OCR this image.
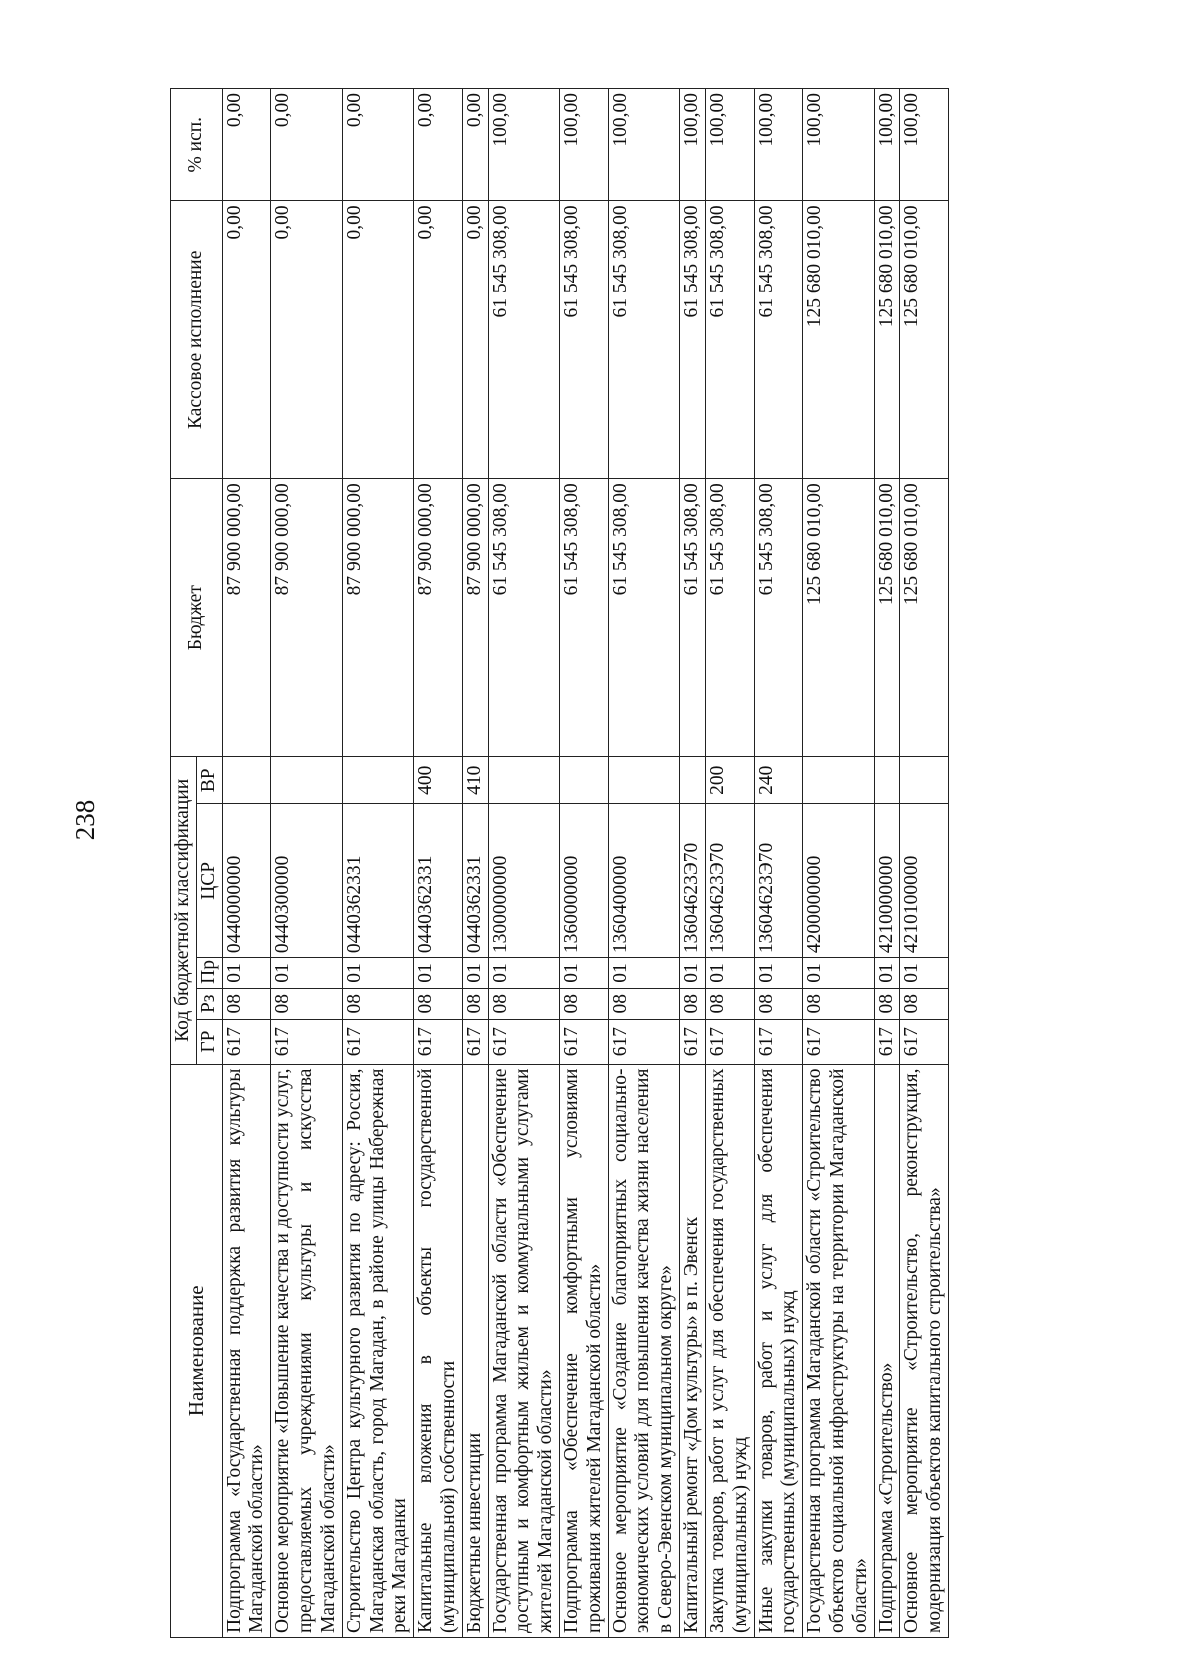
238
Наименование	Код бюджетной классификации					Бюджет	Кассовое исполнение	% исп.
	ГР	Рз	Пр	ЦСР	ВР			
Подпрограмма «Государственная поддержка развития культуры Магаданской области»	617	08	01	0440000000		87 900 000,00	0,00	0,00
Основное мероприятие «Повышение качества и доступности услуг, предоставляемых учреждениями культуры и искусства Магаданской области»	617	08	01	0440300000		87 900 000,00	0,00	0,00
Строительство Центра культурного развития по адресу: Россия, Магаданская область, город Магадан, в районе улицы Набережная реки Магаданки	617	08	01	0440362331		87 900 000,00	0,00	0,00
Капитальные вложения в объекты государственной (муниципальной) собственности	617	08	01	0440362331	400	87 900 000,00	0,00	0,00
Бюджетные инвестиции	617	08	01	0440362331	410	87 900 000,00	0,00	0,00
Государственная программа Магаданской области «Обеспечение доступным и комфортным жильем и коммунальными услугами жителей Магаданской области»	617	08	01	1300000000		61 545 308,00	61 545 308,00	100,00
Подпрограмма «Обеспечение комфортными условиями проживания жителей Магаданской области»	617	08	01	1360000000		61 545 308,00	61 545 308,00	100,00
Основное мероприятие «Создание благоприятных социально-экономических условий для повышения качества жизни населения в Северо-Эвенском муниципальном округе»	617	08	01	1360400000		61 545 308,00	61 545 308,00	100,00
Капитальный ремонт «Дом культуры» в п. Эвенск	617	08	01	13604623Э70		61 545 308,00	61 545 308,00	100,00
Закупка товаров, работ и услуг для обеспечения государственных (муниципальных) нужд	617	08	01	13604623Э70	200	61 545 308,00	61 545 308,00	100,00
Иные закупки товаров, работ и услуг для обеспечения государственных (муниципальных) нужд	617	08	01	13604623Э70	240	61 545 308,00	61 545 308,00	100,00
Государственная программа Магаданской области «Строительство объектов социальной инфраструктуры на территории Магаданской области»	617	08	01	4200000000		125 680 010,00	125 680 010,00	100,00
Подпрограмма «Строительство»	617	08	01	4210000000		125 680 010,00	125 680 010,00	100,00
Основное мероприятие «Строительство, реконструкция, модернизация объектов капитального строительства»	617	08	01	4210100000		125 680 010,00	125 680 010,00	100,00
